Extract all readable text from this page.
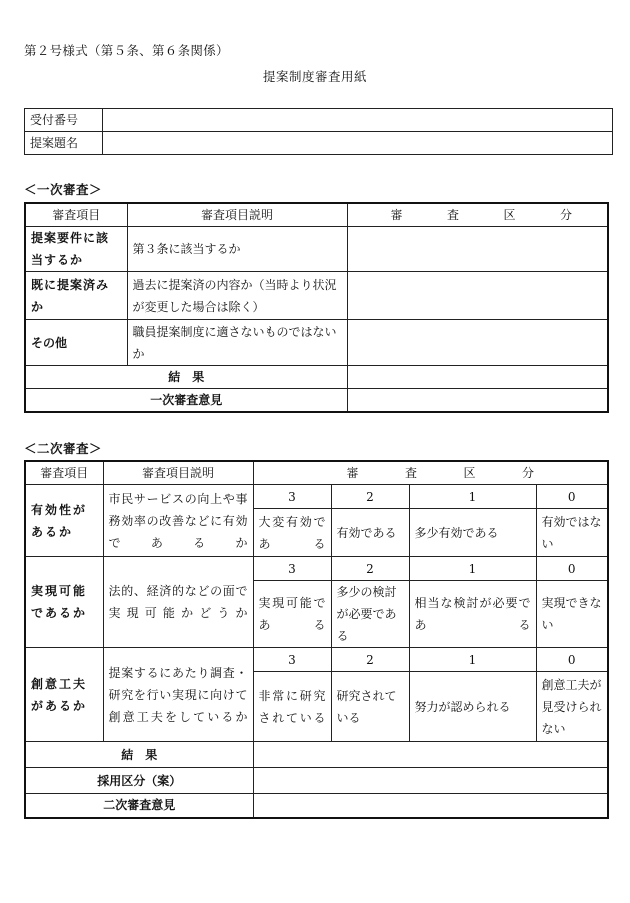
第２号様式（第５条、第６条関係）
提案制度審査用紙
受付番号	
提案題名	
＜一次審査＞
審査項目	審査項目説明	審 査 区 分

提案要件に該当するか	第３条に該当するか	
既に提案済みか	過去に提案済の内容か（当時より状況が変更した場合は除く）	
その他	職員提案制度に適さないものではないか	
結　果		
一次審査意見		
＜二次審査＞
審査項目	審査項目説明	審 査 区 分			

有効性があるか	市民サービスの向上や事務効率の改善などに有効であるか	3	2	1	0
		大変有効である	有効である	多少有効である	有効ではない
実現可能であるか	法的、経済的などの面で実現可能かどうか	3	2	1	0
		実現可能である	多少の検討が必要である	相当な検討が必要である	実現できない
創意工夫があるか	提案するにあたり調査・研究を行い実現に向けて創意工夫をしているか	3	2	1	0
		非常に研究されている	研究されている	努力が認められる	創意工夫が見受けられない
結　果					
採用区分（案）					
二次審査意見					
